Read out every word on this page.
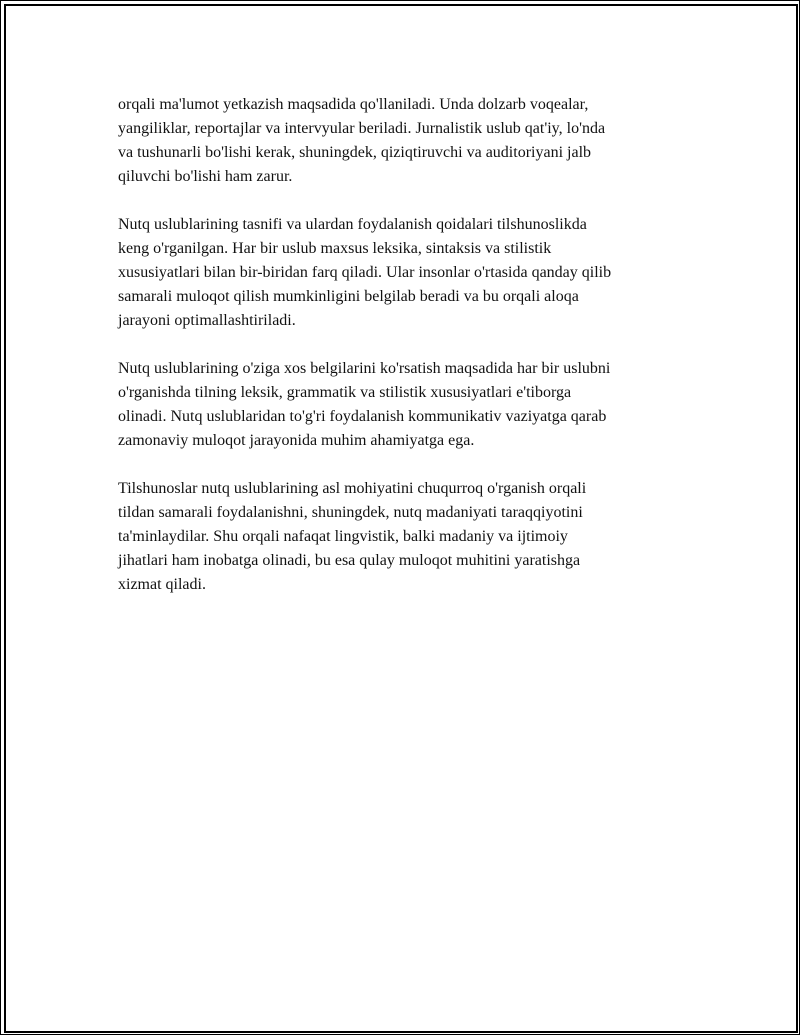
orqali ma'lumot yetkazish maqsadida qo'llaniladi. Unda dolzarb voqealar,
yangiliklar, reportajlar va intervyular beriladi. Jurnalistik uslub qat'iy, lo'nda
va tushunarli bo'lishi kerak, shuningdek, qiziqtiruvchi va auditoriyani jalb
qiluvchi bo'lishi ham zarur.

Nutq uslublarining tasnifi va ulardan foydalanish qoidalari tilshunoslikda
keng o'rganilgan. Har bir uslub maxsus leksika, sintaksis va stilistik
xususiyatlari bilan bir-biridan farq qiladi. Ular insonlar o'rtasida qanday qilib
samarali muloqot qilish mumkinligini belgilab beradi va bu orqali aloqa
jarayoni optimallashtiriladi.

Nutq uslublarining o'ziga xos belgilarini ko'rsatish maqsadida har bir uslubni
o'rganishda tilning leksik, grammatik va stilistik xususiyatlari e'tiborga
olinadi. Nutq uslublaridan to'g'ri foydalanish kommunikativ vaziyatga qarab
zamonaviy muloqot jarayonida muhim ahamiyatga ega.

Tilshunoslar nutq uslublarining asl mohiyatini chuqurroq o'rganish orqali
tildan samarali foydalanishni, shuningdek, nutq madaniyati taraqqiyotini
ta'minlaydilar. Shu orqali nafaqat lingvistik, balki madaniy va ijtimoiy
jihatlari ham inobatga olinadi, bu esa qulay muloqot muhitini yaratishga
xizmat qiladi.
